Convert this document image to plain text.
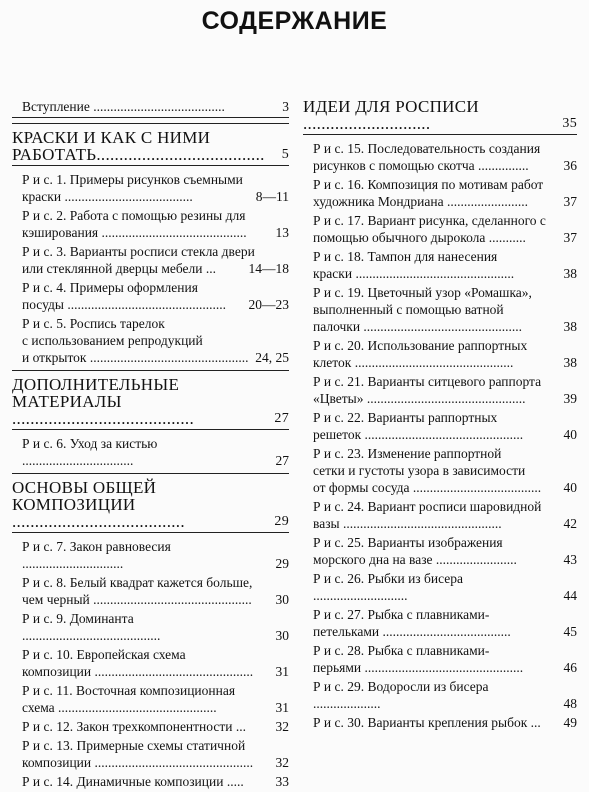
СОДЕРЖАНИЕ
Вступление .......................................	3
КРАСКИ И КАК С НИМИ
РАБОТАТЬ.....................................	5
Р и с. 1. Примеры рисунков съемными
краски ......................................	8—11
Р и с. 2. Работа с помощью резины для
кэширования ...........................................	13
Р и с. 3. Варианты росписи стекла двери
или стеклянной дверцы мебели ...	14—18
Р и с. 4. Примеры оформления
посуды ...............................................	20—23
Р и с. 5. Роспись тарелок
с использованием репродукций
и открыток ............................................... 24, 25
ДОПОЛНИТЕЛЬНЫЕ
МАТЕРИАЛЫ ........................................	27
Р и с. 6. Уход за кистью .................................	27
ОСНОВЫ ОБЩЕЙ
КОМПОЗИЦИИ ......................................	29
Р и с. 7. Закон равновесия ..............................	29
Р и с. 8. Белый квадрат кажется больше,
чем черный ...............................................	30
Р и с. 9. Доминанта .........................................	30
Р и с. 10. Европейская схема
композиции ...............................................	31
Р и с. 11. Восточная композиционная
схема ...............................................	31
Р и с. 12. Закон трехкомпонентности ...	32
Р и с. 13. Примерные схемы статичной
композиции ...............................................	32
Р и с. 14. Динамичные композиции .....	33
ИДЕИ ДЛЯ РОСПИСИ ............................	35
Р и с. 15. Последовательность создания
рисунков с помощью скотча ...............	36
Р и с. 16. Композиция по мотивам работ
художника Мондриана ........................	37
Р и с. 17. Вариант рисунка, сделанного с
помощью обычного дырокола ...........	37
Р и с. 18. Тампон для нанесения
краски ...............................................	38
Р и с. 19. Цветочный узор «Ромашка»,
выполненный с помощью ватной
палочки ...............................................	38
Р и с. 20. Использование раппортных
клеток ...............................................	38
Р и с. 21. Варианты ситцевого раппорта
«Цветы» ...............................................	39
Р и с. 22. Варианты раппортных
решеток ...............................................	40
Р и с. 23. Изменение раппортной
сетки и густоты узора в зависимости
от формы сосуда ......................................	40
Р и с. 24. Вариант росписи шаровидной
вазы ...............................................	42
Р и с. 25. Варианты изображения
морского дна на вазе ........................	43
Р и с. 26. Рыбки из бисера ............................	44
Р и с. 27. Рыбка с плавниками-
петельками ......................................	45
Р и с. 28. Рыбка с плавниками-
перьями ...............................................	46
Р и с. 29. Водоросли из бисера ....................	48
Р и с. 30. Варианты крепления рыбок ...	49
